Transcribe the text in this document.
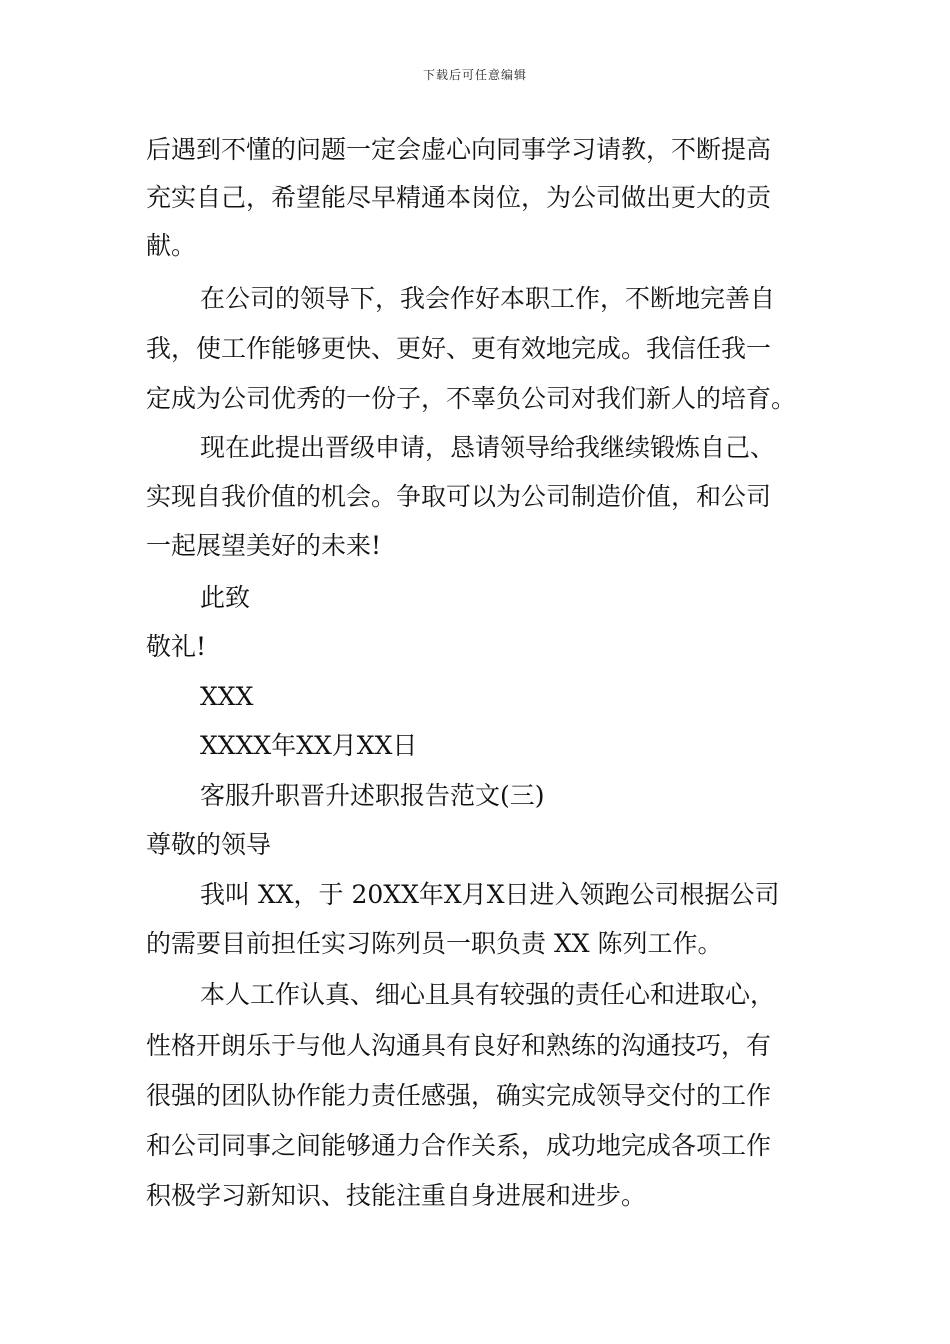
下载后可任意编辑
后遇到不懂的问题一定会虚心向同事学习请教，不断提高
充实自己，希望能尽早精通本岗位，为公司做出更大的贡
献。
在公司的领导下，我会作好本职工作，不断地完善自
我，使工作能够更快、更好、更有效地完成。我信任我一
定成为公司优秀的一份子，不辜负公司对我们新人的培育。
现在此提出晋级申请，恳请领导给我继续锻炼自己、
实现自我价值的机会。争取可以为公司制造价值，和公司
一起展望美好的未来!
此致
敬礼!
XXX
XXXX年XX月XX日
客服升职晋升述职报告范文(三)
尊敬的领导
我叫 XX，于 20XX年X月X日进入领跑公司根据公司
的需要目前担任实习陈列员一职负责 XX 陈列工作。
本人工作认真、细心且具有较强的责任心和进取心，
性格开朗乐于与他人沟通具有良好和熟练的沟通技巧，有
很强的团队协作能力责任感强，确实完成领导交付的工作
和公司同事之间能够通力合作关系，成功地完成各项工作
积极学习新知识、技能注重自身进展和进步。
